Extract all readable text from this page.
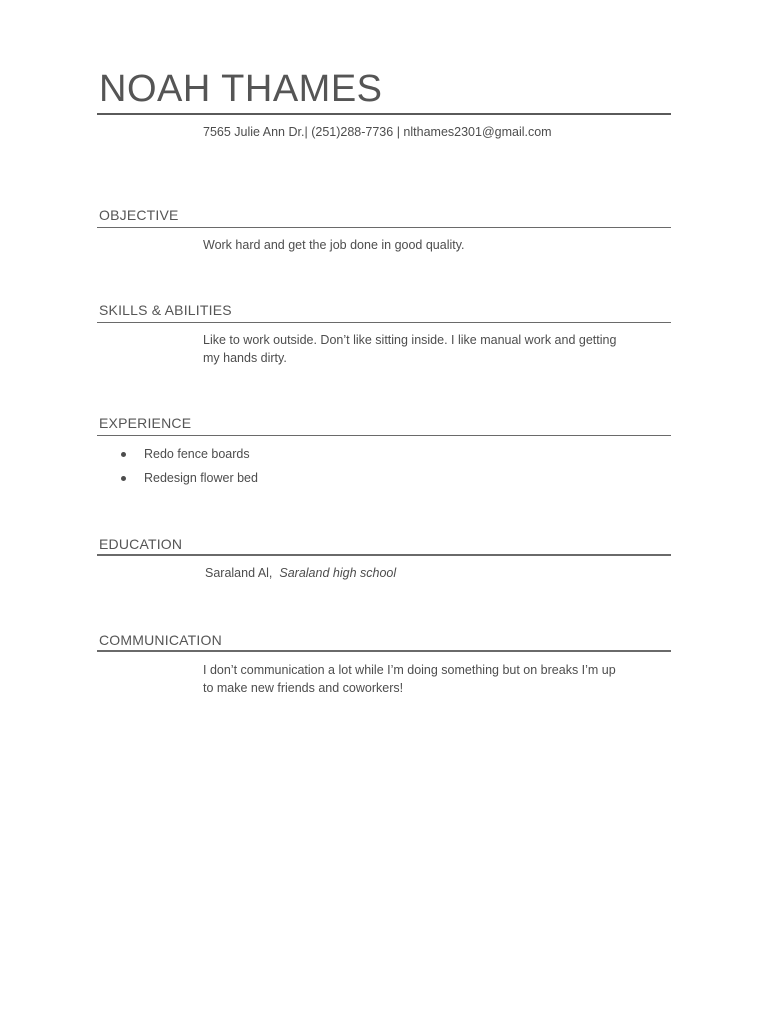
NOAH THAMES
7565 Julie Ann Dr.| (251)288-7736 | nlthames2301@gmail.com
OBJECTIVE

Work hard and get the job done in good quality.

SKILLS & ABILITIES

Like to work outside. Don’t like sitting inside. I like manual work and getting

my hands dirty.

EXPERIENCE
Redo fence boards
Redesign flower bed
EDUCATION
Saraland Al, Saraland high school
COMMUNICATION

I don’t communication a lot while I’m doing something but on breaks I’m up

to make new friends and coworkers!
